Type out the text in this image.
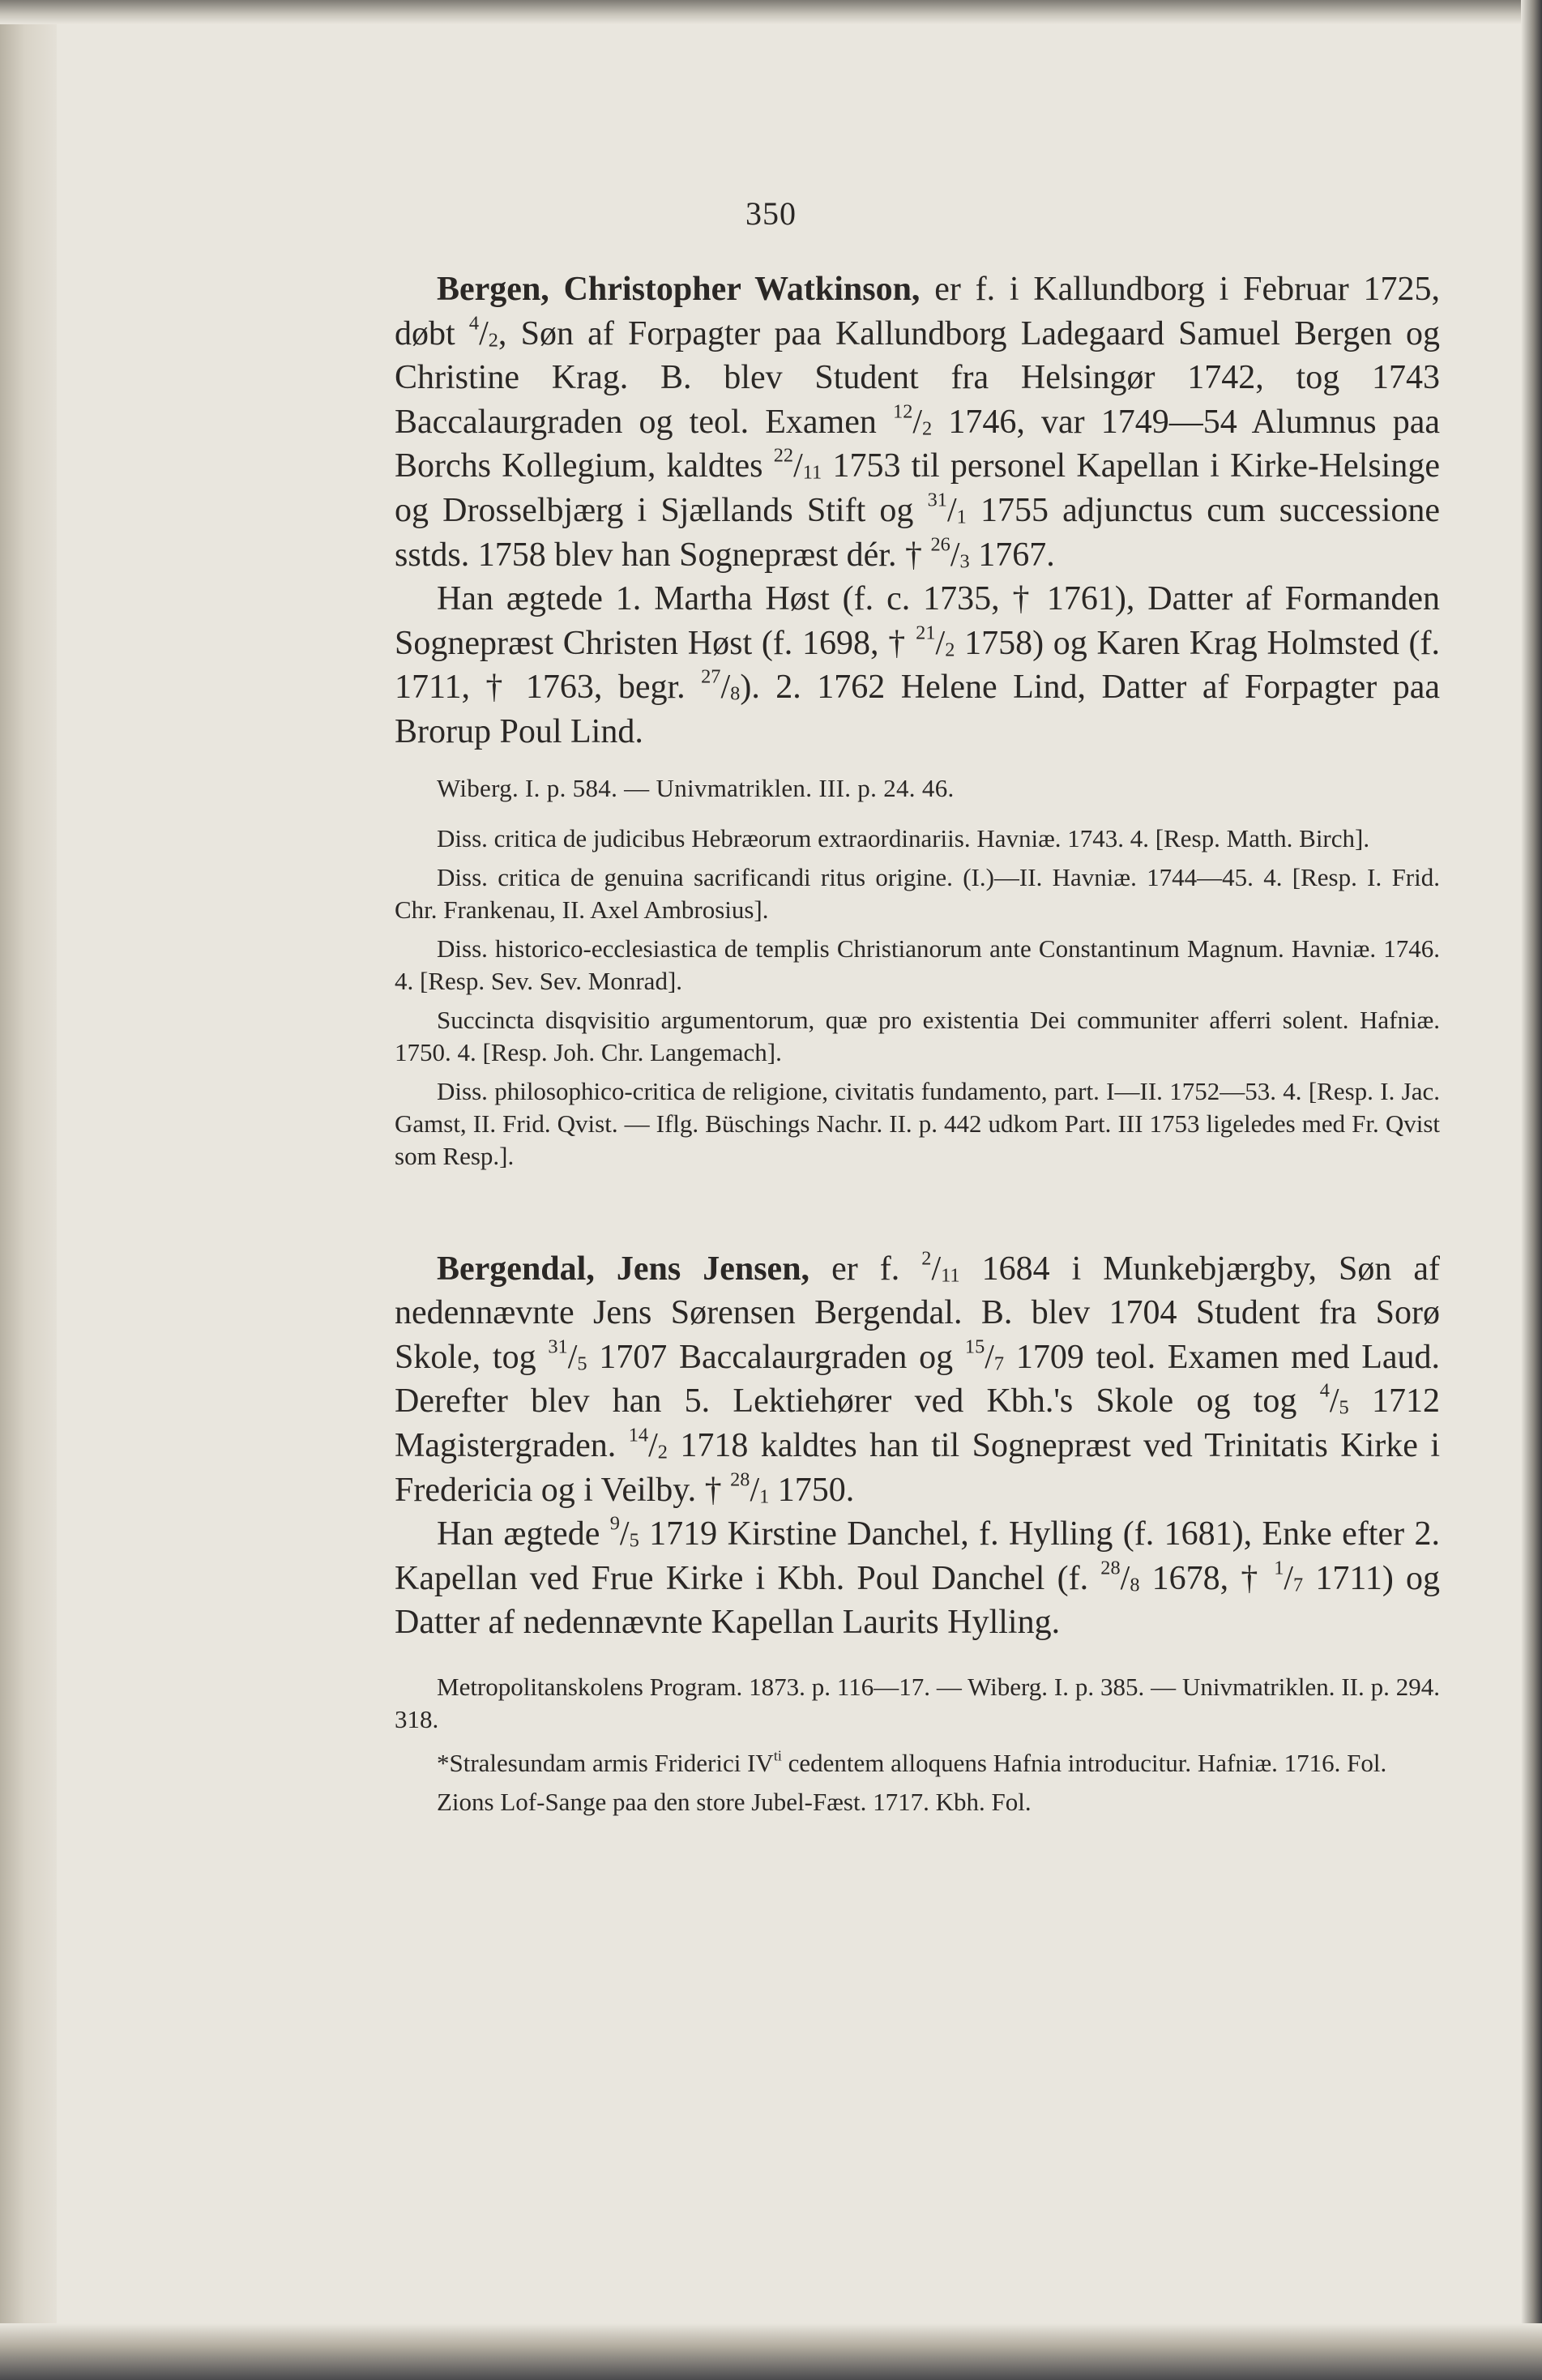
350

Bergen, Christopher Watkinson, er f. i Kallundborg i Februar 1725, døbt $^4/_2$, Søn af Forpagter paa Kallundborg Ladegaard Samuel Bergen og Christine Krag. B. blev Student fra Helsingør 1742, tog 1743 Baccalaurgraden og teol. Examen $^{12}/_2$ 1746, var 1749—54 Alumnus paa Borchs Kollegium, kaldtes $^{22}/_{11}$ 1753 til personel Kapellan i Kirke-Helsinge og Drosselbjærg i Sjællands Stift og $^{31}/_1$ 1755 adjunctus cum successione sstds. 1758 blev han Sognepræst dér. † $^{26}/_3$ 1767.

Han ægtede 1. Martha Høst (f. c. 1735, † 1761), Datter af Formanden Sognepræst Christen Høst (f. 1698, † $^{21}/_2$ 1758) og Karen Krag Holmsted (f. 1711, † 1763, begr. $^{27}/_8$). 2. 1762 Helene Lind, Datter af Forpagter paa Brorup Poul Lind.

Wiberg. I. p. 584. — Univmatriklen. III. p. 24. 46.

Diss. critica de judicibus Hebræorum extraordinariis. Havniæ. 1743. 4. [Resp. Matth. Birch].

Diss. critica de genuina sacrificandi ritus origine. (I.)—II. Havniæ. 1744—45. 4. [Resp. I. Frid. Chr. Frankenau, II. Axel Ambrosius].

Diss. historico-ecclesiastica de templis Christianorum ante Constantinum Magnum. Havniæ. 1746. 4. [Resp. Sev. Sev. Monrad].

Succincta disqvisitio argumentorum, quæ pro existentia Dei communiter afferri solent. Hafniæ. 1750. 4. [Resp. Joh. Chr. Langemach].

Diss. philosophico-critica de religione, civitatis fundamento, part. I—II. 1752—53. 4. [Resp. I. Jac. Gamst, II. Frid. Qvist. — Iflg. Büschings Nachr. II. p. 442 udkom Part. III 1753 ligeledes med Fr. Qvist som Resp.].

Bergendal, Jens Jensen, er f. $^2/_{11}$ 1684 i Munkebjærgby, Søn af nedennævnte Jens Sørensen Bergendal. B. blev 1704 Student fra Sorø Skole, tog $^{31}/_5$ 1707 Baccalaurgraden og $^{15}/_7$ 1709 teol. Examen med Laud. Derefter blev han 5. Lektiehører ved Kbh.'s Skole og tog $^4/_5$ 1712 Magistergraden. $^{14}/_2$ 1718 kaldtes han til Sognepræst ved Trinitatis Kirke i Fredericia og i Veilby. † $^{28}/_1$ 1750.

Han ægtede $^9/_5$ 1719 Kirstine Danchel, f. Hylling (f. 1681), Enke efter 2. Kapellan ved Frue Kirke i Kbh. Poul Danchel (f. $^{28}/_8$ 1678, † $^1/_7$ 1711) og Datter af nedennævnte Kapellan Laurits Hylling.

Metropolitanskolens Program. 1873. p. 116—17. — Wiberg. I. p. 385. — Univmatriklen. II. p. 294. 318.

*Stralesundam armis Friderici $IV^{ti}$ cedentem alloquens Hafnia introducitur. Hafniæ. 1716. Fol.

Zions Lof-Sange paa den store Jubel-Fæst. 1717. Kbh. Fol.
